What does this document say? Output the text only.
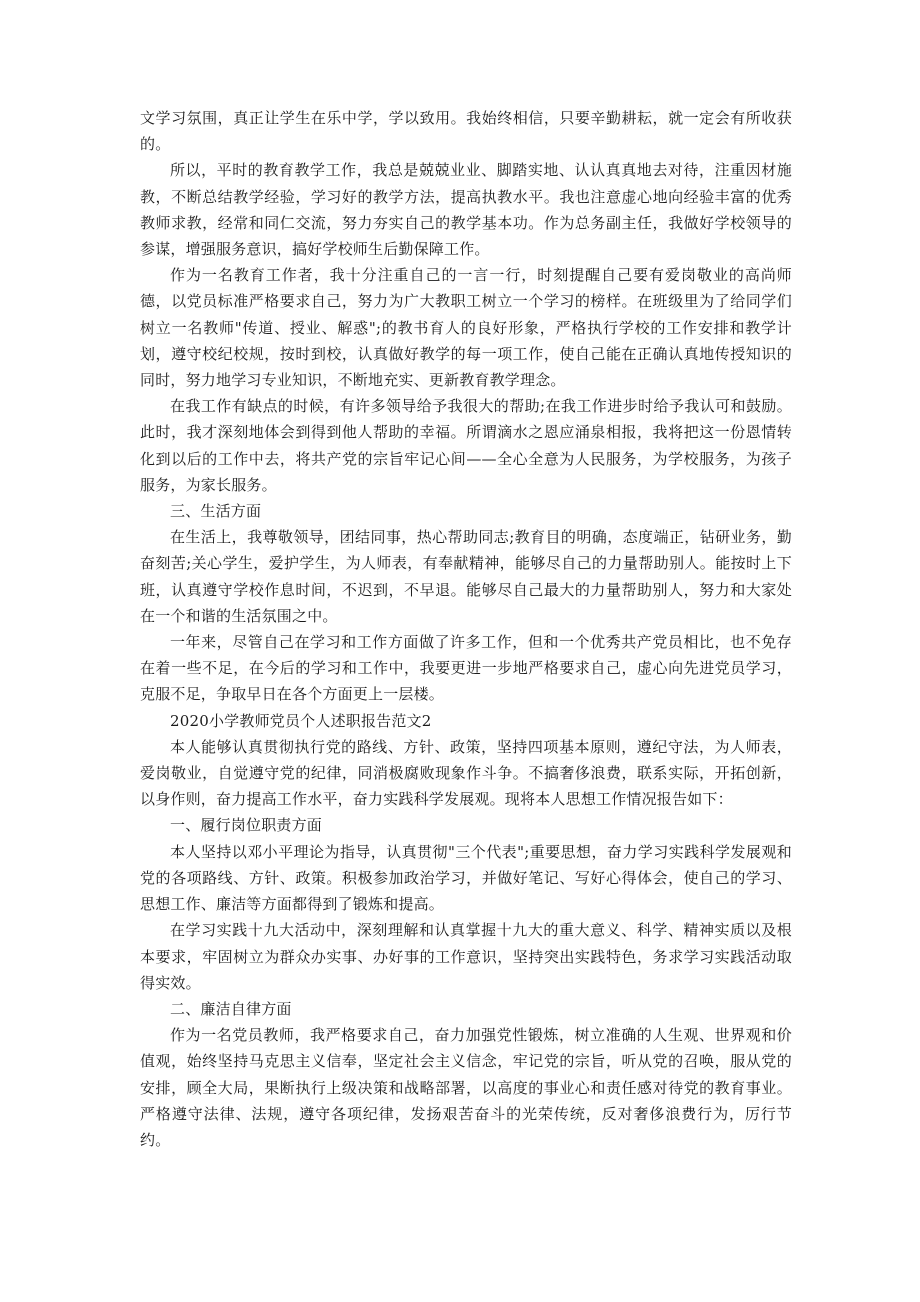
文学习氛围，真正让学生在乐中学，学以致用。我始终相信，只要辛勤耕耘，就一定会有所收获的。

所以，平时的教育教学工作，我总是兢兢业业、脚踏实地、认认真真地去对待，注重因材施教，不断总结教学经验，学习好的教学方法，提高执教水平。我也注意虚心地向经验丰富的优秀教师求教，经常和同仁交流，努力夯实自己的教学基本功。作为总务副主任，我做好学校领导的参谋，增强服务意识，搞好学校师生后勤保障工作。

作为一名教育工作者，我十分注重自己的一言一行，时刻提醒自己要有爱岗敬业的高尚师德，以党员标准严格要求自己，努力为广大教职工树立一个学习的榜样。在班级里为了给同学们树立一名教师"传道、授业、解惑";的教书育人的良好形象，严格执行学校的工作安排和教学计划，遵守校纪校规，按时到校，认真做好教学的每一项工作，使自己能在正确认真地传授知识的同时，努力地学习专业知识，不断地充实、更新教育教学理念。

在我工作有缺点的时候，有许多领导给予我很大的帮助;在我工作进步时给予我认可和鼓励。此时，我才深刻地体会到得到他人帮助的幸福。所谓滴水之恩应涌泉相报，我将把这一份恩情转化到以后的工作中去，将共产党的宗旨牢记心间——全心全意为人民服务，为学校服务，为孩子服务，为家长服务。

三、生活方面

在生活上，我尊敬领导，团结同事，热心帮助同志;教育目的明确，态度端正，钻研业务，勤奋刻苦;关心学生，爱护学生，为人师表，有奉献精神，能够尽自己的力量帮助别人。能按时上下班，认真遵守学校作息时间，不迟到，不早退。能够尽自己最大的力量帮助别人，努力和大家处在一个和谐的生活氛围之中。

一年来，尽管自己在学习和工作方面做了许多工作，但和一个优秀共产党员相比，也不免存在着一些不足，在今后的学习和工作中，我要更进一步地严格要求自己，虚心向先进党员学习，克服不足，争取早日在各个方面更上一层楼。

2020小学教师党员个人述职报告范文2

本人能够认真贯彻执行党的路线、方针、政策，坚持四项基本原则，遵纪守法，为人师表，爱岗敬业，自觉遵守党的纪律，同消极腐败现象作斗争。不搞奢侈浪费，联系实际，开拓创新，以身作则，奋力提高工作水平，奋力实践科学发展观。现将本人思想工作情况报告如下：

一、履行岗位职责方面

本人坚持以邓小平理论为指导，认真贯彻"三个代表";重要思想，奋力学习实践科学发展观和党的各项路线、方针、政策。积极参加政治学习，并做好笔记、写好心得体会，使自己的学习、思想工作、廉洁等方面都得到了锻炼和提高。

在学习实践十九大活动中，深刻理解和认真掌握十九大的重大意义、科学、精神实质以及根本要求，牢固树立为群众办实事、办好事的工作意识，坚持突出实践特色，务求学习实践活动取得实效。

二、廉洁自律方面

作为一名党员教师，我严格要求自己，奋力加强党性锻炼，树立准确的人生观、世界观和价值观，始终坚持马克思主义信奉，坚定社会主义信念，牢记党的宗旨，听从党的召唤，服从党的安排，顾全大局，果断执行上级决策和战略部署，以高度的事业心和责任感对待党的教育事业。严格遵守法律、法规，遵守各项纪律，发扬艰苦奋斗的光荣传统，反对奢侈浪费行为，厉行节约。
